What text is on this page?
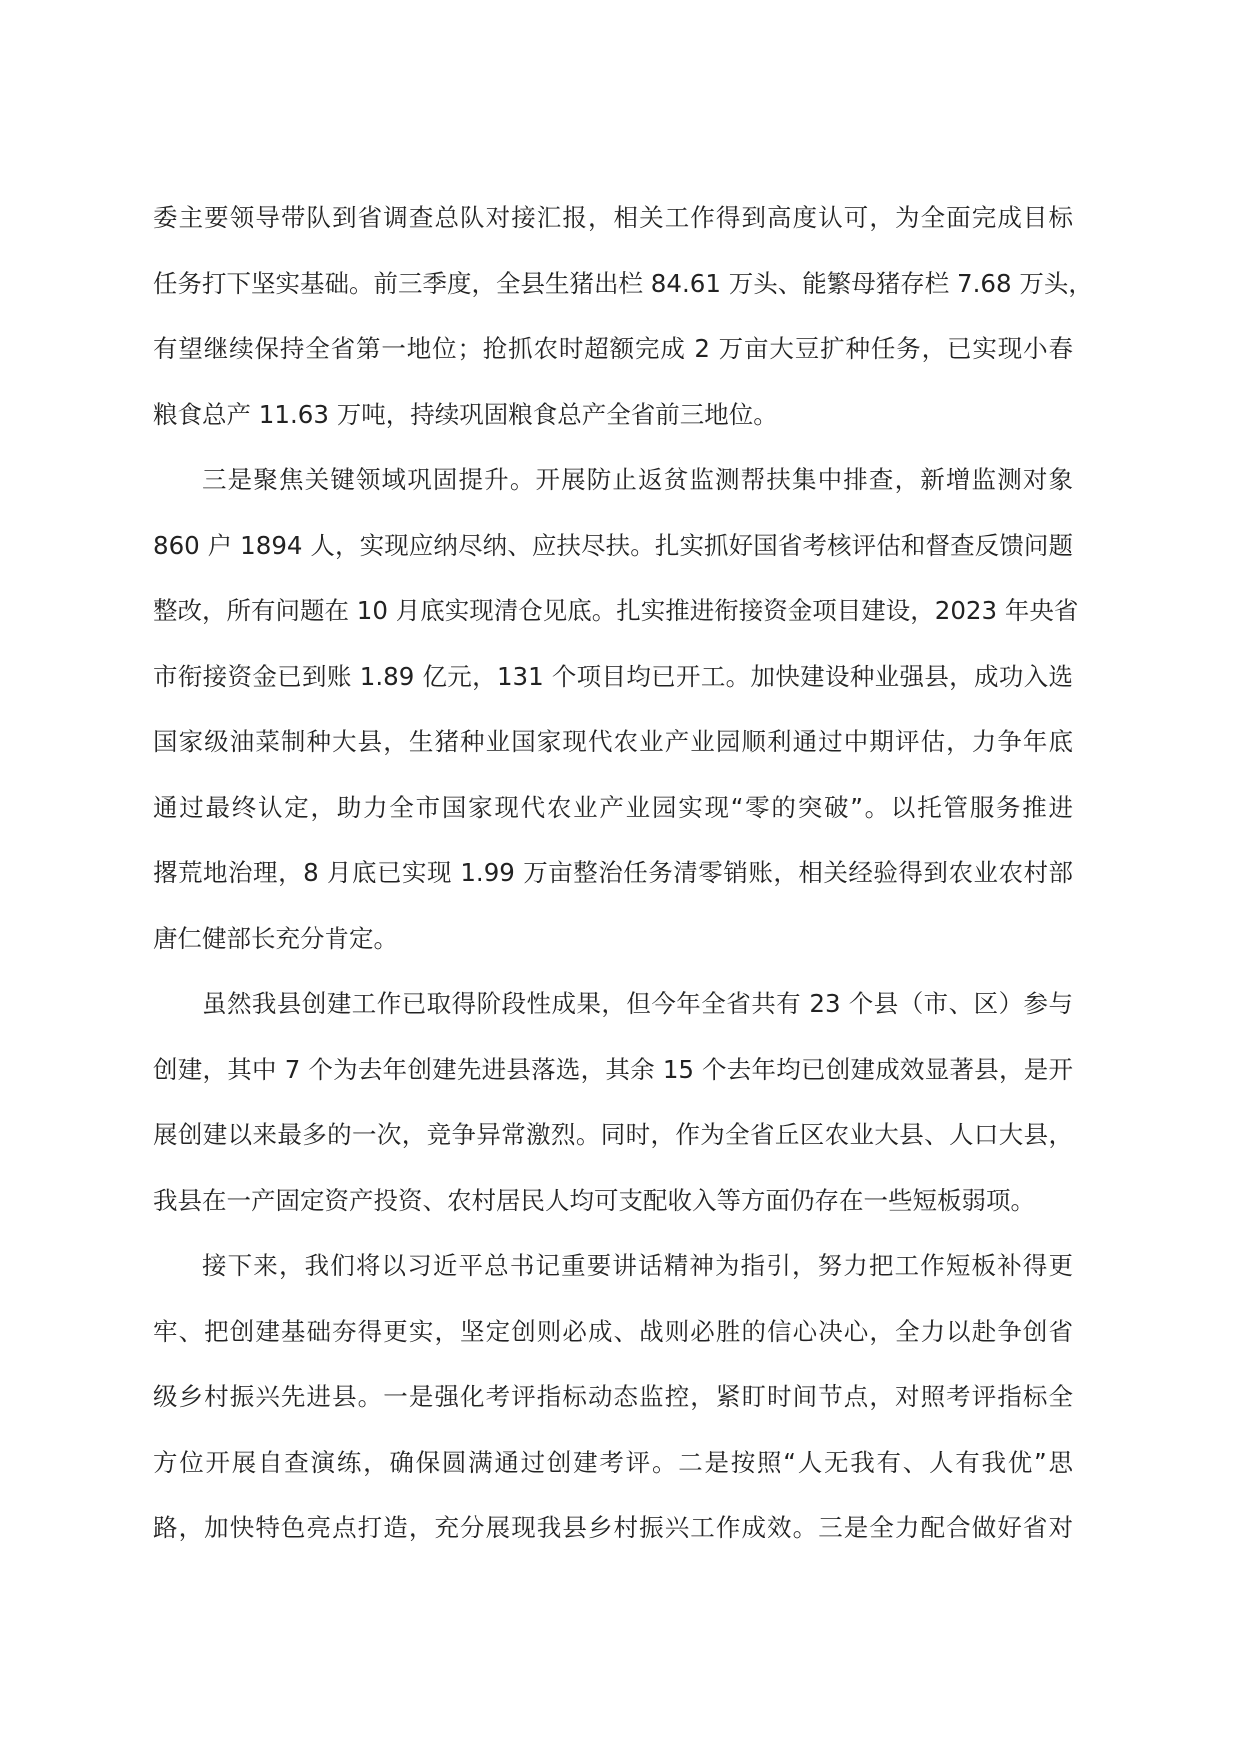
委主要领导带队到省调查总队对接汇报，相关工作得到高度认可，为全面完成目标
任务打下坚实基础。前三季度，全县生猪出栏 84.61 万头、能繁母猪存栏 7.68 万头，
有望继续保持全省第一地位；抢抓农时超额完成 2 万亩大豆扩种任务，已实现小春
粮食总产 11.63 万吨，持续巩固粮食总产全省前三地位。

三是聚焦关键领域巩固提升。开展防止返贫监测帮扶集中排查，新增监测对象
860 户 1894 人，实现应纳尽纳、应扶尽扶。扎实抓好国省考核评估和督查反馈问题
整改，所有问题在 10 月底实现清仓见底。扎实推进衔接资金项目建设，2023 年央省
市衔接资金已到账 1.89 亿元，131 个项目均已开工。加快建设种业强县，成功入选
国家级油菜制种大县，生猪种业国家现代农业产业园顺利通过中期评估，力争年底
通过最终认定，助力全市国家现代农业产业园实现“零的突破”。以托管服务推进
撂荒地治理，8 月底已实现 1.99 万亩整治任务清零销账，相关经验得到农业农村部
唐仁健部长充分肯定。

虽然我县创建工作已取得阶段性成果，但今年全省共有 23 个县（市、区）参与
创建，其中 7 个为去年创建先进县落选，其余 15 个去年均已创建成效显著县，是开
展创建以来最多的一次，竞争异常激烈。同时，作为全省丘区农业大县、人口大县，
我县在一产固定资产投资、农村居民人均可支配收入等方面仍存在一些短板弱项。

接下来，我们将以习近平总书记重要讲话精神为指引，努力把工作短板补得更
牢、把创建基础夯得更实，坚定创则必成、战则必胜的信心决心，全力以赴争创省
级乡村振兴先进县。一是强化考评指标动态监控，紧盯时间节点，对照考评指标全
方位开展自查演练，确保圆满通过创建考评。二是按照“人无我有、人有我优”思
路，加快特色亮点打造，充分展现我县乡村振兴工作成效。三是全力配合做好省对
